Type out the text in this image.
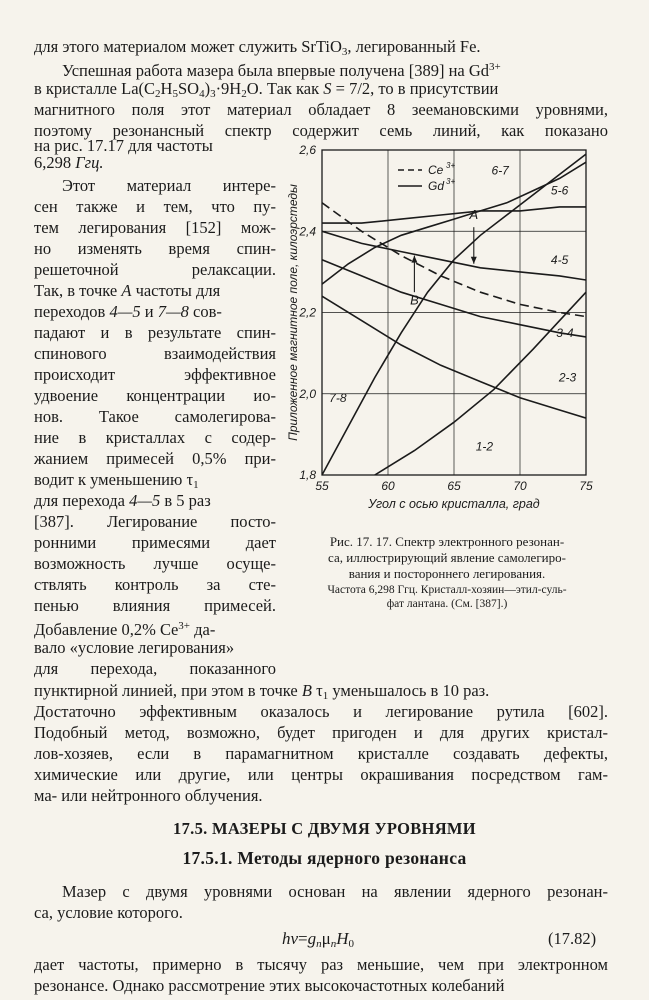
для этого материалом может служить SrTiO$_3$, легированный Fe.
Успешная работа мазера была впервые получена [389] на $Gd^{3+}$
в кристалле $La(C_2H_5SO_4)_3\cdot 9H_2O$. Так как S = 7/2, то в присутствии
магнитного поля этот материал обладает 8 зеемановскими уровнями,
поэтому резонансный спектр содержит семь линий, как показано
на рис. 17.17 для частоты
6,298 Ггц.
Этот материал интере-
сен также и тем, что пу-
тем легирования [152] мож-
но изменять время спин-
решеточной релаксации.
Так, в точке A частоты для
переходов 4—5 и 7—8 сов-
падают и в результате спин-
спинового взаимодействия
происходит эффективное
удвоение концентрации ио-
нов. Такое самолегирова-
ние в кристаллах с содер-
жанием примесей 0,5% при-
водит к уменьшению $\tau_1$
для перехода 4—5 в 5 раз
[387]. Легирование посто-
ронними примесями дает
возможность лучше осуще-
ствлять контроль за сте-
пенью влияния примесей.
Добавление 0,2% $Ce^{3+}$ да-
вало «условие легирования»
для перехода, показанного
55	60	65	70	75
1,8
2,0
2,2
2,4
2,6
Угол с осью кристалла, град
Приложенное магнитное поле, килоэрстеды
1-2
7-8
2-3
3-4
4-5
5-6
6-7
Ce 3+
Gd 3+
A
B
Рис. 17. 17. Спектр электронного резонан-
са, иллюстрирующий явление самолегиро-
вания и постороннего легирования.
Частота 6,298 Ггц. Кристалл-хозяин—этил-суль-
фат лантана. (См. [387].)
пунктирной линией, при этом в точке B $\tau_1$ уменьшалось в 10 раз.
Достаточно эффективным оказалось и легирование рутила [602].
Подобный метод, возможно, будет пригоден и для других кристал-
лов-хозяев, если в парамагнитном кристалле создавать дефекты,
химические или другие, или центры окрашивания посредством гам-
ма- или нейтронного облучения.
17.5. МАЗЕРЫ С ДВУМЯ УРОВНЯМИ
17.5.1. Методы ядерного резонанса
Мазер с двумя уровнями основан на явлении ядерного резонан-
са, условие которого.
$hv=g_n\mu_nH_0$	(17.82)
дает частоты, примерно в тысячу раз меньшие, чем при электронном
резонансе. Однако рассмотрение этих высокочастотных колебаний
